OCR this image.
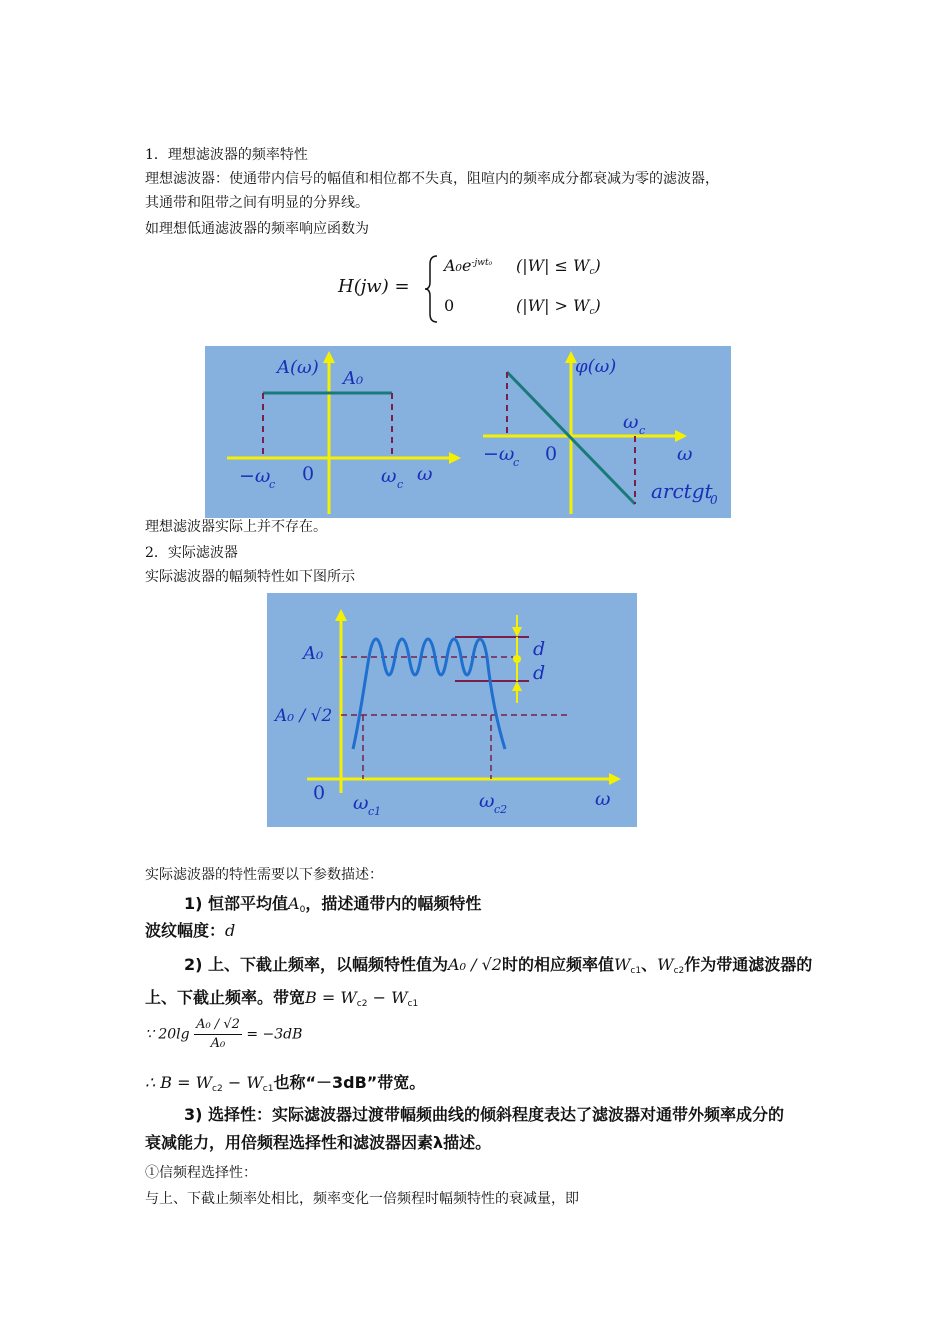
1．理想滤波器的频率特性
理想滤波器：使通带内信号的幅值和相位都不失真，阻喧内的频率成分都衰减为零的滤波器，
其通带和阻带之间有明显的分界线。
如理想低通滤波器的频率响应函数为
H(jw) =
$A_0e^{-jwt_0}$ $(|W| \le W_c)$
0	$(|W| > W_c)$
A(ω)
A₀
−ω
c 0	ω c ω
φ(ω)
ω c
−ω
c 0	ω
arctgt
0
理想滤波器实际上并不存在。
2．实际滤波器
实际滤波器的幅频特性如下图所示
A₀
A₀ / √2
0 ω c1	ω c2	ω
d
d
实际滤波器的特性需要以下参数描述：
1) 恒部平均值$A_0$，描述通带内的幅频特性
波纹幅度：d
2) 上、下截止频率，以幅频特性值为A₀ / √2时的相应频率值$W_{c1}$、$W_{c2}$作为带通滤波器的
上、下截止频率。带宽$B = W_{c2} - W_{c1}$
∵ $20\lg \frac{\text{A₀ / √2}}{\text{A₀}} = -3dB$
∴ $B = W_{c2} - W_{c1}$也称“－3dB”带宽。
3) 选择性：实际滤波器过渡带幅频曲线的倾斜程度表达了滤波器对通带外频率成分的
衰减能力，用倍频程选择性和滤波器因素λ描述。
①信频程选择性：
与上、下截止频率处相比，频率变化一倍频程时幅频特性的衰减量，即
